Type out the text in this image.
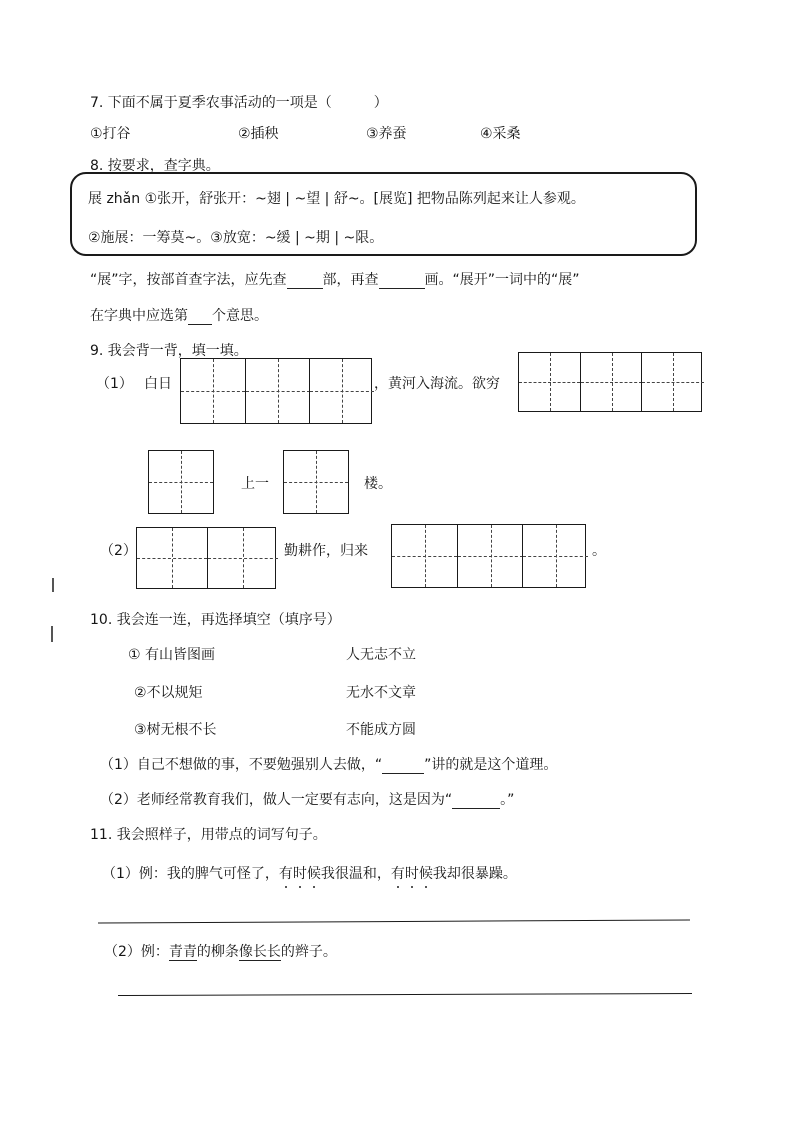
7. 下面不属于夏季农事活动的一项是（　　　）
①打谷	②插秧	③养蚕	④采桑
8. 按要求，查字典。
展 zhǎn ①张开，舒张开：~翅 | ~望 | 舒~。[展览] 把物品陈列起来让人参观。
②施展：一筹莫~。③放宽：~缓 | ~期 | ~限。
“展”字，按部首查字法，应先查	部，再查	画。“展开”一词中的“展”
在字典中应选第 个意思。
9. 我会背一背，填一填。
（1） 白日	，黄河入海流。欲穷
上一	楼。
（2）	勤耕作，归来	。
10. 我会连一连，再选择填空（填序号）
① 有山皆图画	人无志不立
②不以规矩	无水不文章
③树无根不长	不能成方圆
（1）自己不想做的事，不要勉强别人去做，“	”讲的就是这个道理。
（2）老师经常教育我们，做人一定要有志向，这是因为“	。”
11. 我会照样子，用带点的词写句子。
（1）例：我的脾气可怪了，有时候我很温和，有时候我却很暴躁。
（2）例：青青的柳条像长长的辫子。
